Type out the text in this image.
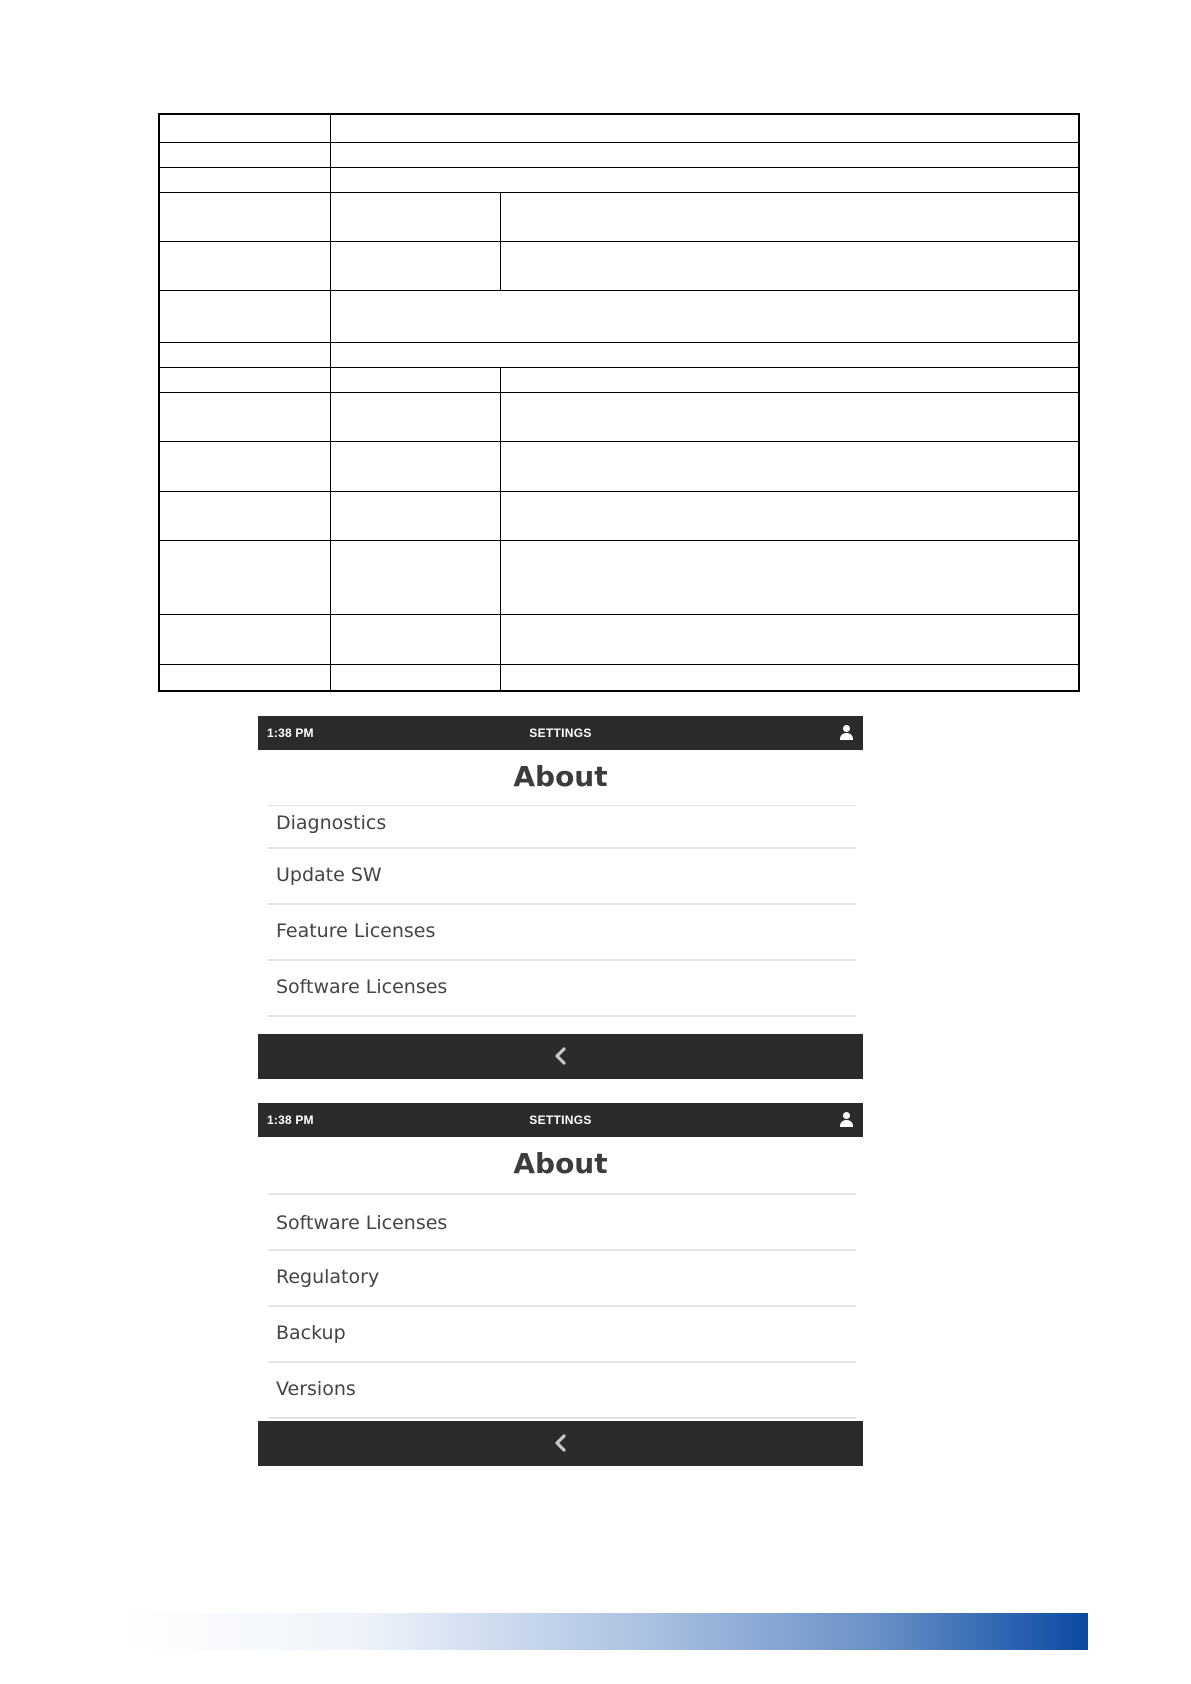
1:38 PM	SETTINGS
About
Diagnostics
Update SW
Feature Licenses
Software Licenses
1:38 PM	SETTINGS
About
Software Licenses
Regulatory
Backup
Versions
